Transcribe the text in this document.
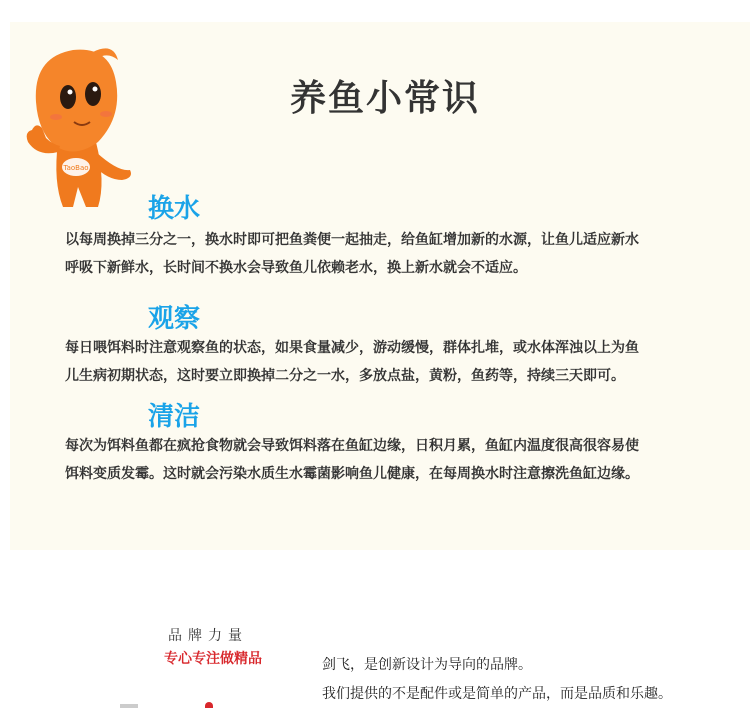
TaoBao
养鱼小常识
换水
以每周换掉三分之一，换水时即可把鱼粪便一起抽走，给鱼缸增加新的水源，让鱼儿适应新水
呼吸下新鲜水，长时间不换水会导致鱼儿依赖老水，换上新水就会不适应。
观察
每日喂饵料时注意观察鱼的状态，如果食量减少，游动缓慢，群体扎堆，或水体浑浊以上为鱼
儿生病初期状态，这时要立即换掉二分之一水，多放点盐，黄粉，鱼药等，持续三天即可。
清洁
每次为饵料鱼都在疯抢食物就会导致饵料落在鱼缸边缘，日积月累，鱼缸内温度很高很容易使
饵料变质发霉。这时就会污染水质生水霉菌影响鱼儿健康，在每周换水时注意擦洗鱼缸边缘。
品牌力量
专心专注做精品	剑飞，是创新设计为导向的品牌。
我们提供的不是配件或是简单的产品，而是品质和乐趣。
